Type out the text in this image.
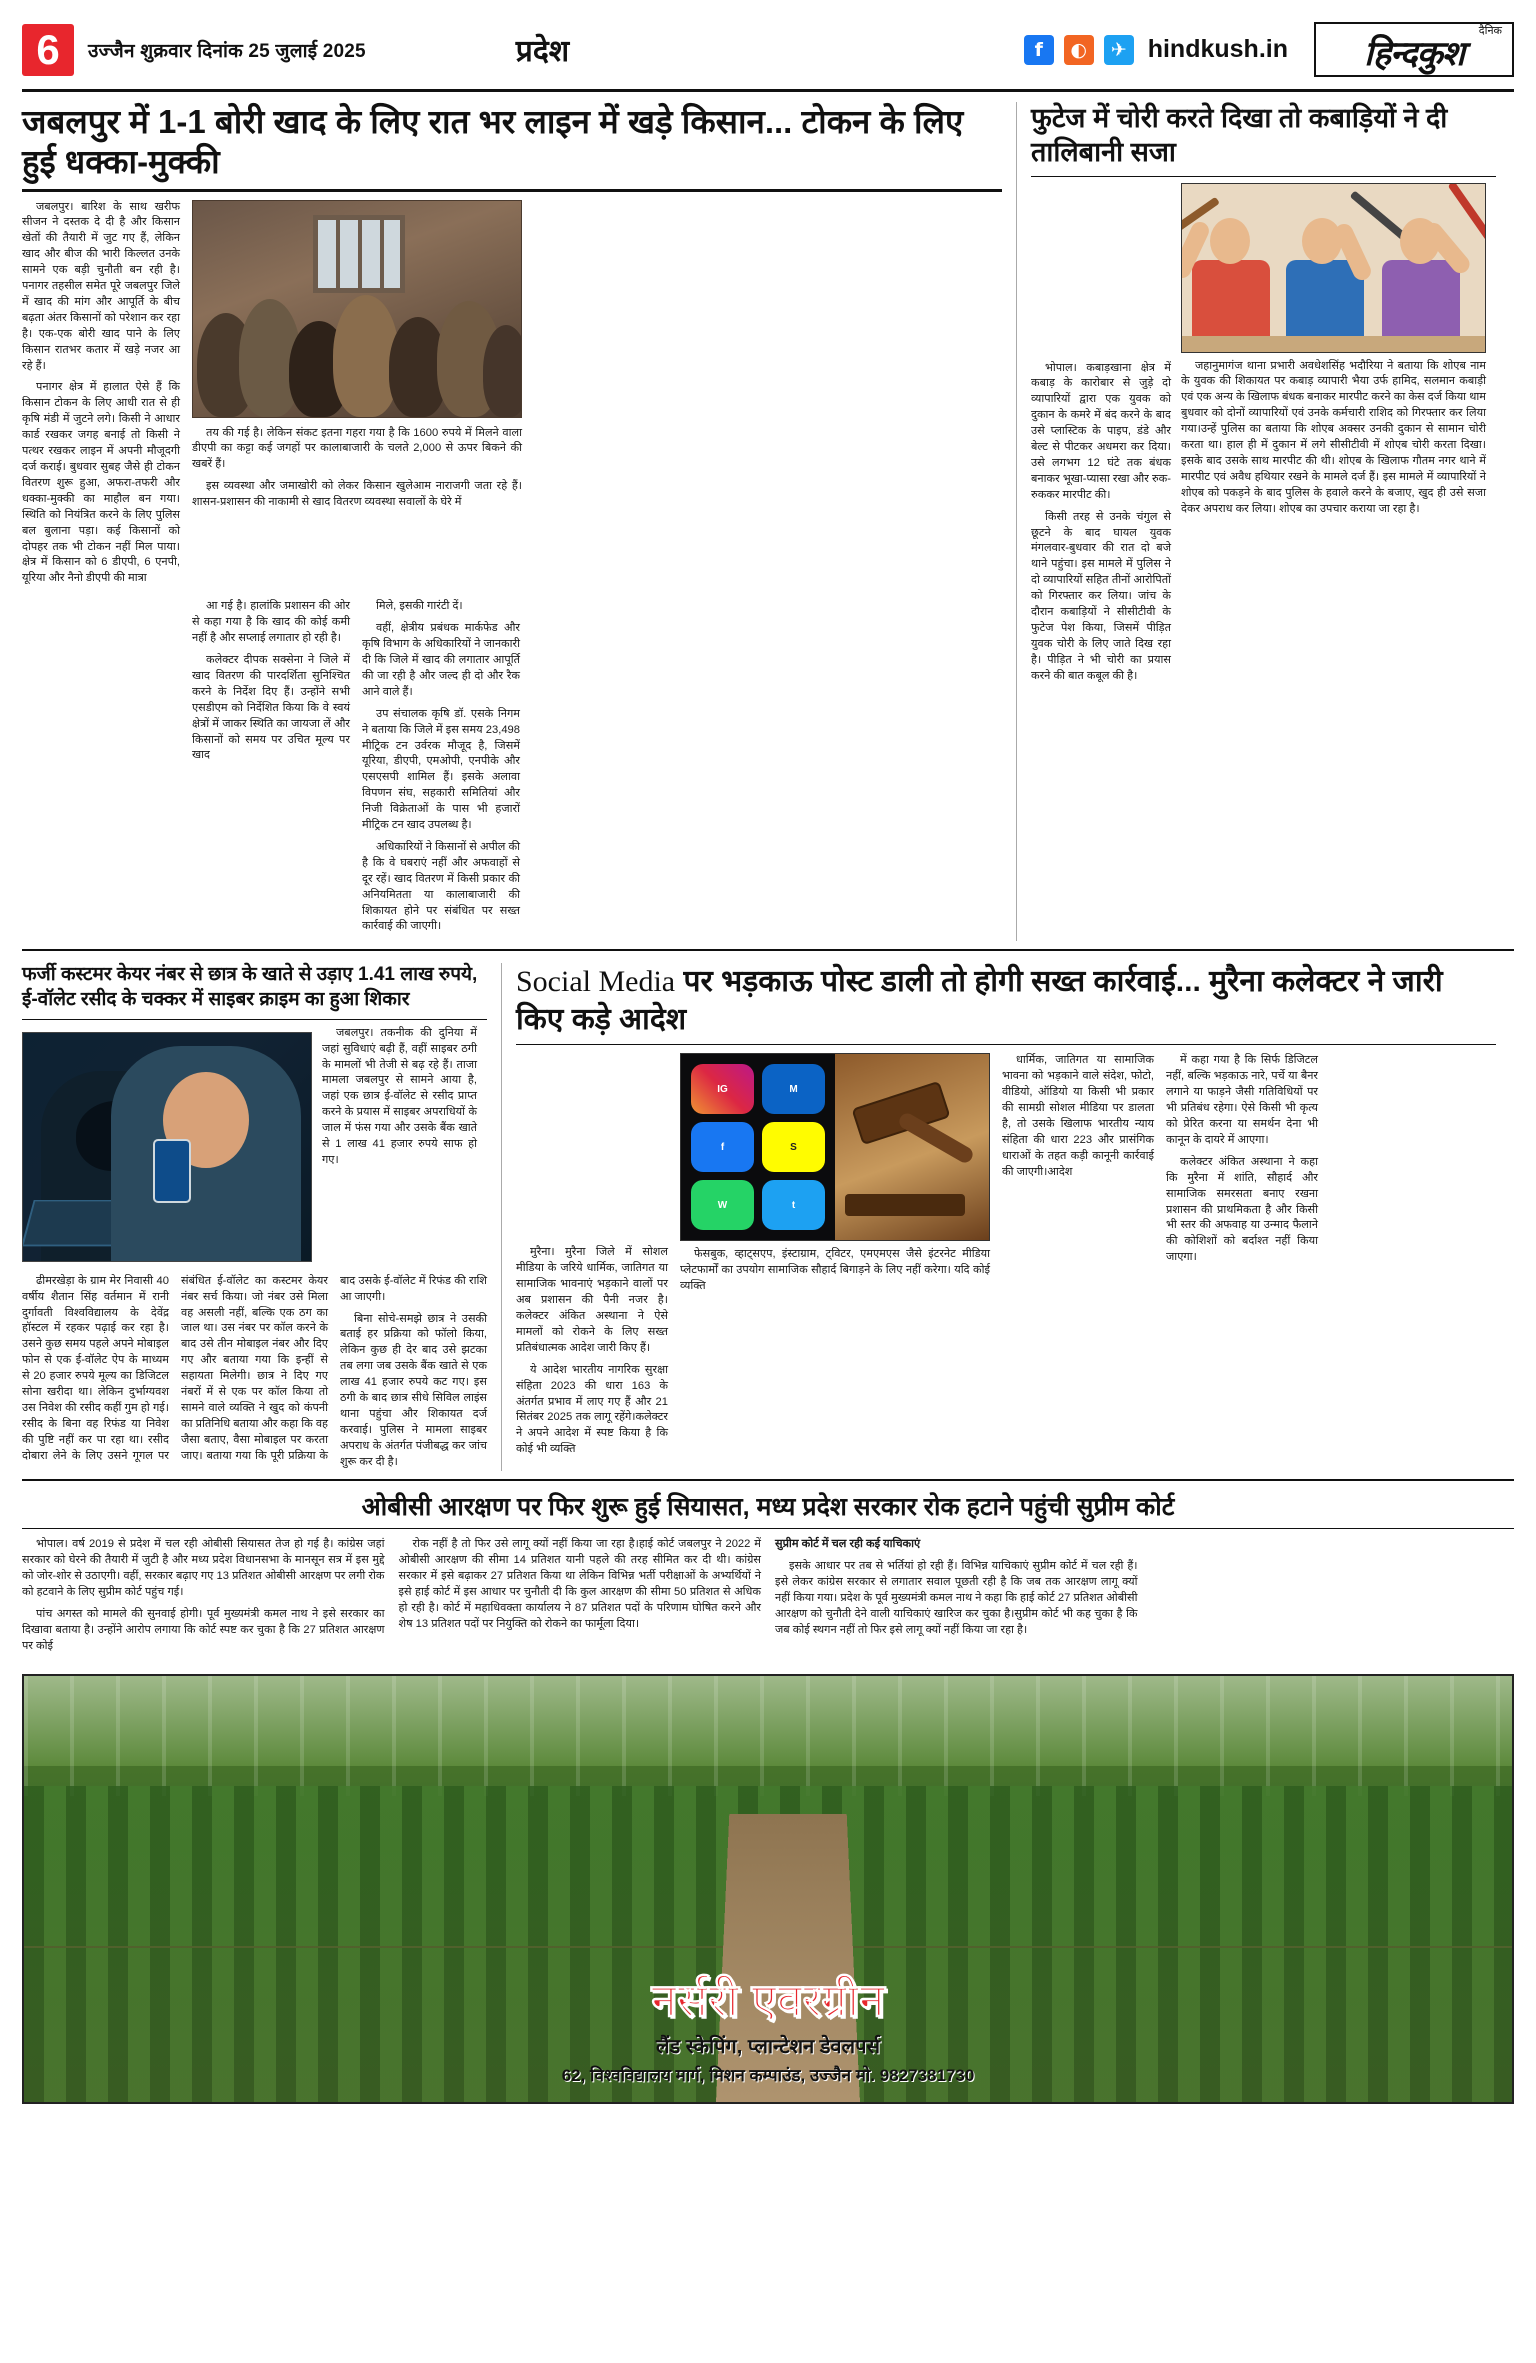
6	उज्जैन शुक्रवार दिनांक 25 जुलाई 2025	प्रदेश	f	◐	✈ hindkush.in
दैनिक
हिन्दकुश
जबलपुर में 1-1 बोरी खाद के लिए रात भर लाइन में खड़े किसान... टोकन के लिए हुई धक्का-मुक्की

जबलपुर। बारिश के साथ खरीफ सीजन ने दस्तक दे दी है और किसान खेतों की तैयारी में जुट गए हैं, लेकिन खाद और बीज की भारी किल्लत उनके सामने एक बड़ी चुनौती बन रही है। पनागर तहसील समेत पूरे जबलपुर जिले में खाद की मांग और आपूर्ति के बीच बढ़ता अंतर किसानों को परेशान कर रहा है। एक-एक बोरी खाद पाने के लिए किसान रातभर कतार में खड़े नजर आ रहे हैं।

पनागर क्षेत्र में हालात ऐसे हैं कि किसान टोकन के लिए आधी रात से ही कृषि मंडी में जुटने लगे। किसी ने आधार कार्ड रखकर जगह बनाई तो किसी ने पत्थर रखकर लाइन में अपनी मौजूदगी दर्ज कराई। बुधवार सुबह जैसे ही टोकन वितरण शुरू हुआ, अफरा-तफरी और धक्का-मुक्की का माहौल बन गया। स्थिति को नियंत्रित करने के लिए पुलिस बल बुलाना पड़ा। कई किसानों को दोपहर तक भी टोकन नहीं मिल पाया। क्षेत्र में किसान को 6 डीएपी, 6 एनपी, यूरिया और नैनो डीएपी की मात्रा

तय की गई है। लेकिन संकट इतना गहरा गया है कि 1600 रुपये में मिलने वाला डीएपी का कट्टा कई जगहों पर कालाबाजारी के चलते 2,000 से ऊपर बिकने की खबरें हैं।

इस व्यवस्था और जमाखोरी को लेकर किसान खुलेआम नाराजगी जता रहे हैं। शासन-प्रशासन की नाकामी से खाद वितरण व्यवस्था सवालों के घेरे में

आ गई है। हालांकि प्रशासन की ओर से कहा गया है कि खाद की कोई कमी नहीं है और सप्लाई लगातार हो रही है।

कलेक्टर दीपक सक्सेना ने जिले में खाद वितरण की पारदर्शिता सुनिश्चित करने के निर्देश दिए हैं। उन्होंने सभी एसडीएम को निर्देशित किया कि वे स्वयं क्षेत्रों में जाकर स्थिति का जायजा लें और किसानों को समय पर उचित मूल्य पर खाद

मिले, इसकी गारंटी दें।

वहीं, क्षेत्रीय प्रबंधक मार्कफेड और कृषि विभाग के अधिकारियों ने जानकारी दी कि जिले में खाद की लगातार आपूर्ति की जा रही है और जल्द ही दो और रैक आने वाले हैं।

उप संचालक कृषि डॉ. एसके निगम ने बताया कि जिले में इस समय 23,498 मीट्रिक टन उर्वरक मौजूद है, जिसमें यूरिया, डीएपी, एमओपी, एनपीके और एसएसपी शामिल हैं। इसके अलावा विपणन संघ, सहकारी समितियां और निजी विक्रेताओं के पास भी हजारों मीट्रिक टन खाद उपलब्ध है।

अधिकारियों ने किसानों से अपील की है कि वे घबराएं नहीं और अफवाहों से दूर रहें। खाद वितरण में किसी प्रकार की अनियमितता या कालाबाजारी की शिकायत होने पर संबंधित पर सख्त कार्रवाई की जाएगी।

फुटेज में चोरी करते दिखा तो कबाड़ियों ने दी तालिबानी सजा

भोपाल। कबाड़खाना क्षेत्र में कबाड़ के कारोबार से जुड़े दो व्यापारियों द्वारा एक युवक को दुकान के कमरे में बंद करने के बाद उसे प्लास्टिक के पाइप, डंडे और बेल्ट से पीटकर अधमरा कर दिया। उसे लगभग 12 घंटे तक बंधक बनाकर भूखा-प्यासा रखा और रुक-रुककर मारपीट की।

किसी तरह से उनके चंगुल से छूटने के बाद घायल युवक मंगलवार-बुधवार की रात दो बजे थाने पहुंचा। इस मामले में पुलिस ने दो व्यापारियों सहित तीनों आरोपितों को गिरफ्तार कर लिया। जांच के दौरान कबाड़ियों ने सीसीटीवी के फुटेज पेश किया, जिसमें पीड़ित युवक चोरी के लिए जाते दिख रहा है। पीड़ित ने भी चोरी का प्रयास करने की बात कबूल की है।

जहानुमागंज थाना प्रभारी अवधेशसिंह भदौरिया ने बताया कि शोएब नाम के युवक की शिकायत पर कबाड़ व्यापारी भैया उर्फ हामिद, सलमान कबाड़ी एवं एक अन्य के खिलाफ बंधक बनाकर मारपीट करने का केस दर्ज किया थाम बुधवार को दोनों व्यापारियों एवं उनके कर्मचारी राशिद को गिरफ्तार कर लिया गया।उन्हें पुलिस का बताया कि शोएब अक्सर उनकी दुकान से सामान चोरी करता था। हाल ही में दुकान में लगे सीसीटीवी में शोएब चोरी करता दिखा। इसके बाद उसके साथ मारपीट की थी। शोएब के खिलाफ गौतम नगर थाने में मारपीट एवं अवैध हथियार रखने के मामले दर्ज हैं। इस मामले में व्यापारियों ने शोएब को पकड़ने के बाद पुलिस के हवाले करने के बजाए, खुद ही उसे सजा देकर अपराध कर लिया। शोएब का उपचार कराया जा रहा है।

फर्जी कस्टमर केयर नंबर से छात्र के खाते से उड़ाए 1.41 लाख रुपये, ई-वॉलेट रसीद के चक्कर में साइबर क्राइम का हुआ शिकार

जबलपुर। तकनीक की दुनिया में जहां सुविधाएं बढ़ी हैं, वहीं साइबर ठगी के मामलों भी तेजी से बढ़ रहे हैं। ताजा मामला जबलपुर से सामने आया है, जहां एक छात्र ई-वॉलेट से रसीद प्राप्त करने के प्रयास में साइबर अपराधियों के जाल में फंस गया और उसके बैंक खाते से 1 लाख 41 हजार रुपये साफ हो गए।

ढीमरखेड़ा के ग्राम मेर निवासी 40 वर्षीय शैतान सिंह वर्तमान में रानी दुर्गावती विश्वविद्यालय के देवेंद्र हॉस्टल में रहकर पढ़ाई कर रहा है। उसने कुछ समय पहले अपने मोबाइल फोन से एक ई-वॉलेट ऐप के माध्यम से 20 हजार रुपये मूल्य का डिजिटल सोना खरीदा था। लेकिन दुर्भाग्यवश उस निवेश की रसीद कहीं गुम हो गई। रसीद के बिना वह रिफंड या निवेश की पुष्टि नहीं कर पा रहा था। रसीद दोबारा लेने के लिए उसने गूगल पर संबंधित ई-वॉलेट का कस्टमर केयर नंबर सर्च किया। जो नंबर उसे मिला वह असली नहीं, बल्कि एक ठग का जाल था। उस नंबर पर कॉल करने के बाद उसे तीन मोबाइल नंबर और दिए गए और बताया गया कि इन्हीं से सहायता मिलेगी। छात्र ने दिए गए नंबरों में से एक पर कॉल किया तो सामने वाले व्यक्ति ने खुद को कंपनी का प्रतिनिधि बताया और कहा कि वह जैसा बताए, वैसा मोबाइल पर करता जाए। बताया गया कि पूरी प्रक्रिया के बाद उसके ई-वॉलेट में रिफंड की राशि आ जाएगी।

बिना सोचे-समझे छात्र ने उसकी बताई हर प्रक्रिया को फॉलो किया, लेकिन कुछ ही देर बाद उसे झटका तब लगा जब उसके बैंक खाते से एक लाख 41 हजार रुपये कट गए। इस ठगी के बाद छात्र सीधे सिविल लाइंस थाना पहुंचा और शिकायत दर्ज करवाई। पुलिस ने मामला साइबर अपराध के अंतर्गत पंजीबद्ध कर जांच शुरू कर दी है।

Social Media पर भड़काऊ पोस्ट डाली तो होगी सख्त कार्रवाई... मुरैना कलेक्टर ने जारी किए कड़े आदेश

मुरैना। मुरैना जिले में सोशल मीडिया के जरिये धार्मिक, जातिगत या सामाजिक भावनाएं भड़काने वालों पर अब प्रशासन की पैनी नजर है। कलेक्टर अंकित अस्थाना ने ऐसे मामलों को रोकने के लिए सख्त प्रतिबंधात्मक आदेश जारी किए हैं।

ये आदेश भारतीय नागरिक सुरक्षा संहिता 2023 की धारा 163 के अंतर्गत प्रभाव में लाए गए हैं और 21 सितंबर 2025 तक लागू रहेंगे।कलेक्टर ने अपने आदेश में स्पष्ट किया है कि कोई भी व्यक्ति

IG	M
f	S
W	t

फेसबुक, व्हाट्सएप, इंस्टाग्राम, ट्विटर, एमएमएस जैसे इंटरनेट मीडिया प्लेटफार्मों का उपयोग सामाजिक सौहार्द बिगाड़ने के लिए नहीं करेगा। यदि कोई व्यक्ति

धार्मिक, जातिगत या सामाजिक भावना को भड़काने वाले संदेश, फोटो, वीडियो, ऑडियो या किसी भी प्रकार की सामग्री सोशल मीडिया पर डालता है, तो उसके खिलाफ भारतीय न्याय संहिता की धारा 223 और प्रासंगिक धाराओं के तहत कड़ी कानूनी कार्रवाई की जाएगी।आदेश

में कहा गया है कि सिर्फ डिजिटल नहीं, बल्कि भड़काऊ नारे, पर्चे या बैनर लगाने या फाड़ने जैसी गतिविधियों पर भी प्रतिबंध रहेगा। ऐसे किसी भी कृत्य को प्रेरित करना या समर्थन देना भी कानून के दायरे में आएगा।

कलेक्टर अंकित अस्थाना ने कहा कि मुरैना में शांति, सौहार्द और सामाजिक समरसता बनाए रखना प्रशासन की प्राथमिकता है और किसी भी स्तर की अफवाह या उन्माद फैलाने की कोशिशों को बर्दाश्त नहीं किया जाएगा।

ओबीसी आरक्षण पर फिर शुरू हुई सियासत, मध्य प्रदेश सरकार रोक हटाने पहुंची सुप्रीम कोर्ट

भोपाल। वर्ष 2019 से प्रदेश में चल रही ओबीसी सियासत तेज हो गई है। कांग्रेस जहां सरकार को घेरने की तैयारी में जुटी है और मध्य प्रदेश विधानसभा के मानसून सत्र में इस मुद्दे को जोर-शोर से उठाएगी। वहीं, सरकार बढ़ाए गए 13 प्रतिशत ओबीसी आरक्षण पर लगी रोक को हटवाने के लिए सुप्रीम कोर्ट पहुंच गई।

पांच अगस्त को मामले की सुनवाई होगी। पूर्व मुख्यमंत्री कमल नाथ ने इसे सरकार का दिखावा बताया है। उन्होंने आरोप लगाया कि कोर्ट स्पष्ट कर चुका है कि 27 प्रतिशत आरक्षण पर कोई

रोक नहीं है तो फिर उसे लागू क्यों नहीं किया जा रहा है।हाई कोर्ट जबलपुर ने 2022 में ओबीसी आरक्षण की सीमा 14 प्रतिशत यानी पहले की तरह सीमित कर दी थी। कांग्रेस सरकार में इसे बढ़ाकर 27 प्रतिशत किया था लेकिन विभिन्न भर्ती परीक्षाओं के अभ्यर्थियों ने इसे हाई कोर्ट में इस आधार पर चुनौती दी कि कुल आरक्षण की सीमा 50 प्रतिशत से अधिक हो रही है। कोर्ट में महाधिवक्ता कार्यालय ने 87 प्रतिशत पदों के परिणाम घोषित करने और शेष 13 प्रतिशत पदों पर नियुक्ति को रोकने का फार्मूला दिया।

सुप्रीम कोर्ट में चल रही कई याचिकाएं

इसके आधार पर तब से भर्तियां हो रही हैं। विभिन्न याचिकाएं सुप्रीम कोर्ट में चल रही हैं। इसे लेकर कांग्रेस सरकार से लगातार सवाल पूछती रही है कि जब तक आरक्षण लागू क्यों नहीं किया गया। प्रदेश के पूर्व मुख्यमंत्री कमल नाथ ने कहा कि हाई कोर्ट 27 प्रतिशत ओबीसी आरक्षण को चुनौती देने वाली याचिकाएं खारिज कर चुका है।सुप्रीम कोर्ट भी कह चुका है कि जब कोई स्थगन नहीं तो फिर इसे लागू क्यों नहीं किया जा रहा है।

नर्सरी एवरग्रीन
लैंड स्केपिंग, प्लान्टेशन डेवलपर्स
62, विश्वविद्यालय मार्ग, मिशन कम्पाउंड, उज्जैन मो. 9827381730
